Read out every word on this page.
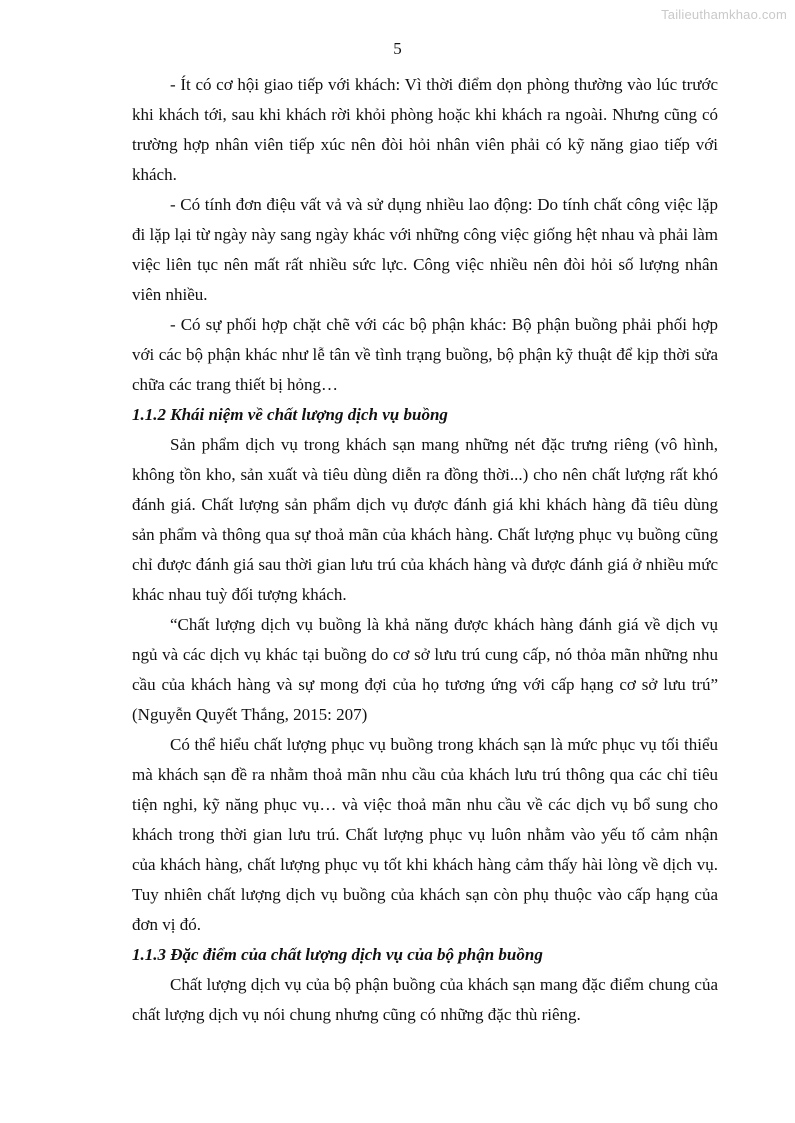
Tailieuthamkhao.com
5

- Ít có cơ hội giao tiếp với khách: Vì thời điểm dọn phòng thường vào lúc trước khi khách tới, sau khi khách rời khỏi phòng hoặc khi khách ra ngoài. Nhưng cũng có trường hợp nhân viên tiếp xúc nên đòi hỏi nhân viên phải có kỹ năng giao tiếp với khách.

- Có tính đơn điệu vất vả và sử dụng nhiều lao động: Do tính chất công việc lặp đi lặp lại từ ngày này sang ngày khác với những công việc giống hệt nhau và phải làm việc liên tục nên mất rất nhiều sức lực. Công việc nhiều nên đòi hỏi số lượng nhân viên nhiều.

- Có sự phối hợp chặt chẽ với các bộ phận khác: Bộ phận buồng phải phối hợp với các bộ phận khác như lễ tân về tình trạng buồng, bộ phận kỹ thuật để kịp thời sửa chữa các trang thiết bị hỏng…

1.1.2 Khái niệm về chất lượng dịch vụ buồng

Sản phẩm dịch vụ trong khách sạn mang những nét đặc trưng riêng (vô hình, không tồn kho, sản xuất và tiêu dùng diễn ra đồng thời...) cho nên chất lượng rất khó đánh giá. Chất lượng sản phẩm dịch vụ được đánh giá khi khách hàng đã tiêu dùng sản phẩm và thông qua sự thoả mãn của khách hàng. Chất lượng phục vụ buồng cũng chỉ được đánh giá sau thời gian lưu trú của khách hàng và được đánh giá ở nhiều mức khác nhau tuỳ đối tượng khách.

“Chất lượng dịch vụ buồng là khả năng được khách hàng đánh giá về dịch vụ ngủ và các dịch vụ khác tại buồng do cơ sở lưu trú cung cấp, nó thỏa mãn những nhu cầu của khách hàng và sự mong đợi của họ tương ứng với cấp hạng cơ sở lưu trú” (Nguyễn Quyết Thắng, 2015: 207)

Có thể hiểu chất lượng phục vụ buồng trong khách sạn là mức phục vụ tối thiểu mà khách sạn đề ra nhằm thoả mãn nhu cầu của khách lưu trú thông qua các chỉ tiêu tiện nghi, kỹ năng phục vụ… và việc thoả mãn nhu cầu về các dịch vụ bổ sung cho khách trong thời gian lưu trú. Chất lượng phục vụ luôn nhằm vào yếu tố cảm nhận của khách hàng, chất lượng phục vụ tốt khi khách hàng cảm thấy hài lòng về dịch vụ. Tuy nhiên chất lượng dịch vụ buồng của khách sạn còn phụ thuộc vào cấp hạng của đơn vị đó.

1.1.3 Đặc điểm của chất lượng dịch vụ của bộ phận buồng

Chất lượng dịch vụ của bộ phận buồng của khách sạn mang đặc điểm chung của chất lượng dịch vụ nói chung nhưng cũng có những đặc thù riêng.
